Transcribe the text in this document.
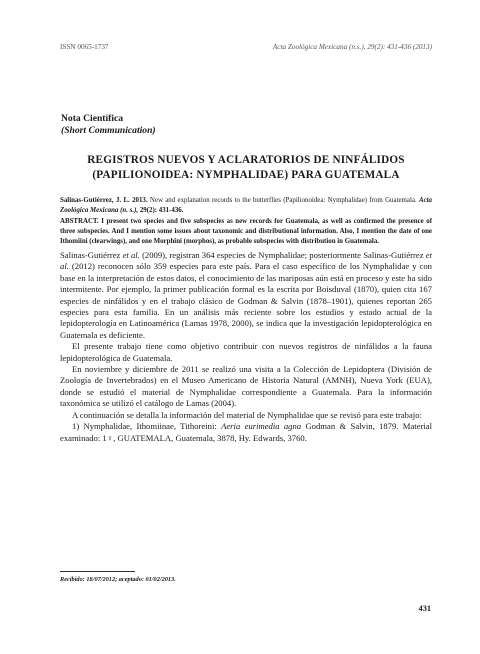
ISSN 0065-1737	Acta Zoológica Mexicana (n.s.), 29(2): 431-436 (2013)
Nota Científica
(Short Communication)
REGISTROS NUEVOS Y ACLARATORIOS DE NINFÁLIDOS
(PAPILIONOIDEA: NYMPHALIDAE) PARA GUATEMALA

Salinas-Gutiérrez, J. L. 2013. New and explanation records to the butterflies (Papilionoidea: Nymphalidae) from Guatemala. Acta Zoológica Mexicana (n. s.), 29(2): 431-436.

ABSTRACT. I present two species and five subspecies as new records for Guatemala, as well as confirmed the presence of three subspecies. And I mention some issues about taxonomic and distributional information. Also, I mention the date of one Ithomiini (clearwings), and one Morphini (morphos), as probable subspecies with distribution in Guatemala.

Salinas-Gutiérrez et al. (2009), registran 364 especies de Nymphalidae; posteriormente Salinas-Gutiérrez et al. (2012) reconocen sólo 359 especies para este país. Para el caso específico de los Nymphalidae y con base en la interpretación de estos datos, el conocimiento de las mariposas aún está en proceso y este ha sido intermitente. Por ejemplo, la primer publicación formal es la escrita por Boisduval (1870), quien cita 167 especies de ninfálidos y en el trabajo clásico de Godman & Salvin (1878–1901), quienes reportan 265 especies para esta familia. En un análisis más reciente sobre los estudios y estado actual de la lepidopterología en Latinoamérica (Lamas 1978, 2000), se indica que la investigación lepidopterológica en Guatemala es deficiente.

El presente trabajo tiene como objetivo contribuir con nuevos registros de ninfálidos a la fauna lepidopterológica de Guatemala.

En noviembre y diciembre de 2011 se realizó una visita a la Colección de Lepidoptera (División de Zoología de Invertebrados) en el Museo Americano de Historia Natural (AMNH), Nueva York (EUA), donde se estudió el material de Nymphalidae correspondiente a Guatemala. Para la información taxonómica se utilizó el catálogo de Lamas (2004).

A continuación se detalla la información del material de Nymphalidae que se revisó para este trabajo:

1) Nymphalidae, Ithomiinae, Tithoreini: Aeria eurimedia agna Godman & Salvin, 1879. Material examinado: 1♀, GUATEMALA, Guatemala, 3878, Hy. Edwards, 3760.

Recibido: 18/07/2012; aceptado: 01/02/2013.
431
